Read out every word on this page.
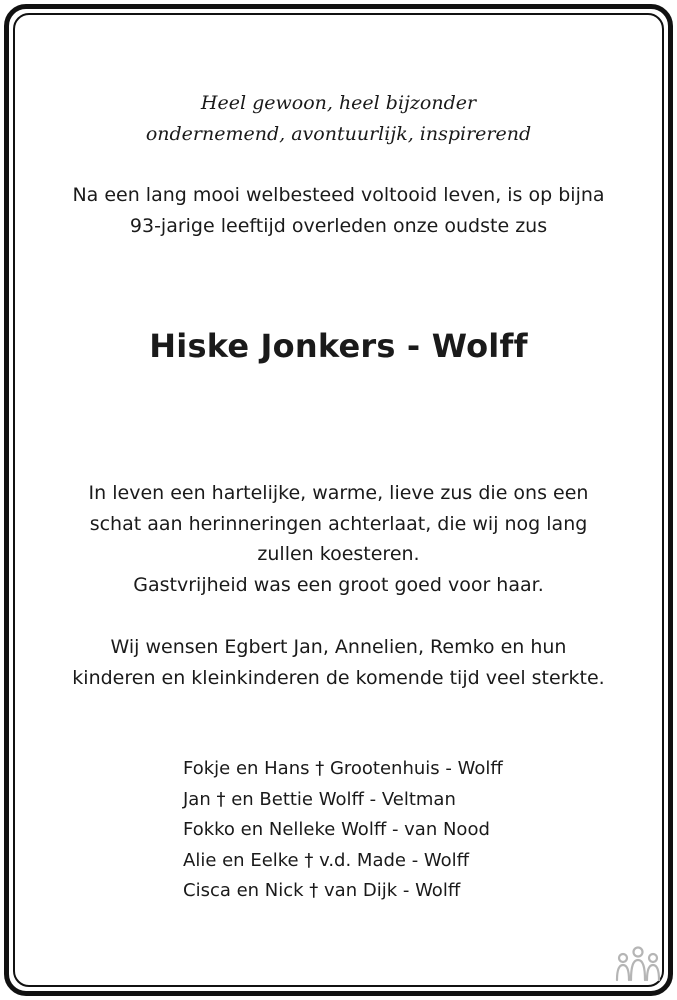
Heel gewoon, heel bijzonder
ondernemend, avontuurlijk, inspirerend
Na een lang mooi welbesteed voltooid leven, is op bijna
93-jarige leeftijd overleden onze oudste zus
Hiske Jonkers - Wolff
In leven een hartelijke, warme, lieve zus die ons een
schat aan herinneringen achterlaat, die wij nog lang
zullen koesteren.
Gastvrijheid was een groot goed voor haar.
Wij wensen Egbert Jan, Annelien, Remko en hun
kinderen en kleinkinderen de komende tijd veel sterkte.
Fokje en Hans † Grootenhuis - Wolff
Jan † en Bettie Wolff - Veltman
Fokko en Nelleke Wolff - van Nood
Alie en Eelke † v.d. Made - Wolff
Cisca en Nick † van Dijk - Wolff
